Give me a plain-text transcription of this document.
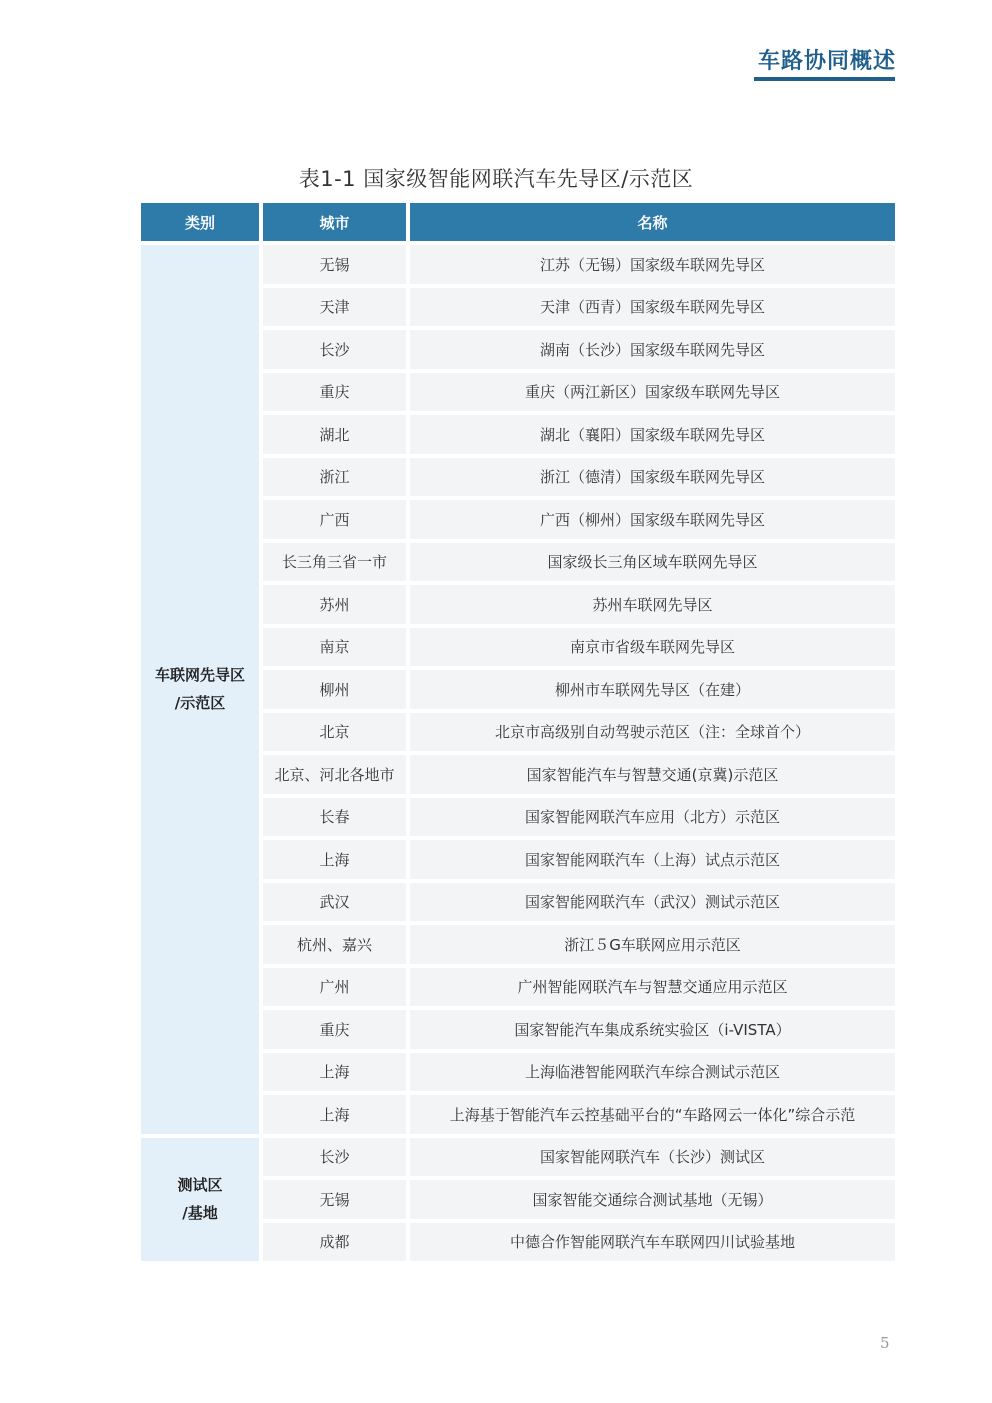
车路协同概述
表1-1 国家级智能网联汽车先导区/示范区
类别	城市	名称
车联网先导区
/示范区
无锡	江苏（无锡）国家级车联网先导区
天津	天津（西青）国家级车联网先导区
长沙	湖南（长沙）国家级车联网先导区
重庆	重庆（两江新区）国家级车联网先导区
湖北	湖北（襄阳）国家级车联网先导区
浙江	浙江（德清）国家级车联网先导区
广西	广西（柳州）国家级车联网先导区
长三角三省一市	国家级长三角区域车联网先导区
苏州	苏州车联网先导区
南京	南京市省级车联网先导区
柳州	柳州市车联网先导区（在建）
北京	北京市高级别自动驾驶示范区（注：全球首个）
北京、河北各地市	国家智能汽车与智慧交通(京冀)示范区
长春	国家智能网联汽车应用（北方）示范区
上海	国家智能网联汽车（上海）试点示范区
武汉	国家智能网联汽车（武汉）测试示范区
杭州、嘉兴	浙江５G车联网应用示范区
广州	广州智能网联汽车与智慧交通应用示范区
重庆	国家智能汽车集成系统实验区（i-VISTA）
上海	上海临港智能网联汽车综合测试示范区
上海	上海基于智能汽车云控基础平台的“车路网云一体化”综合示范
测试区
/基地
长沙	国家智能网联汽车（长沙）测试区
无锡	国家智能交通综合测试基地（无锡）
成都	中德合作智能网联汽车车联网四川试验基地
5
